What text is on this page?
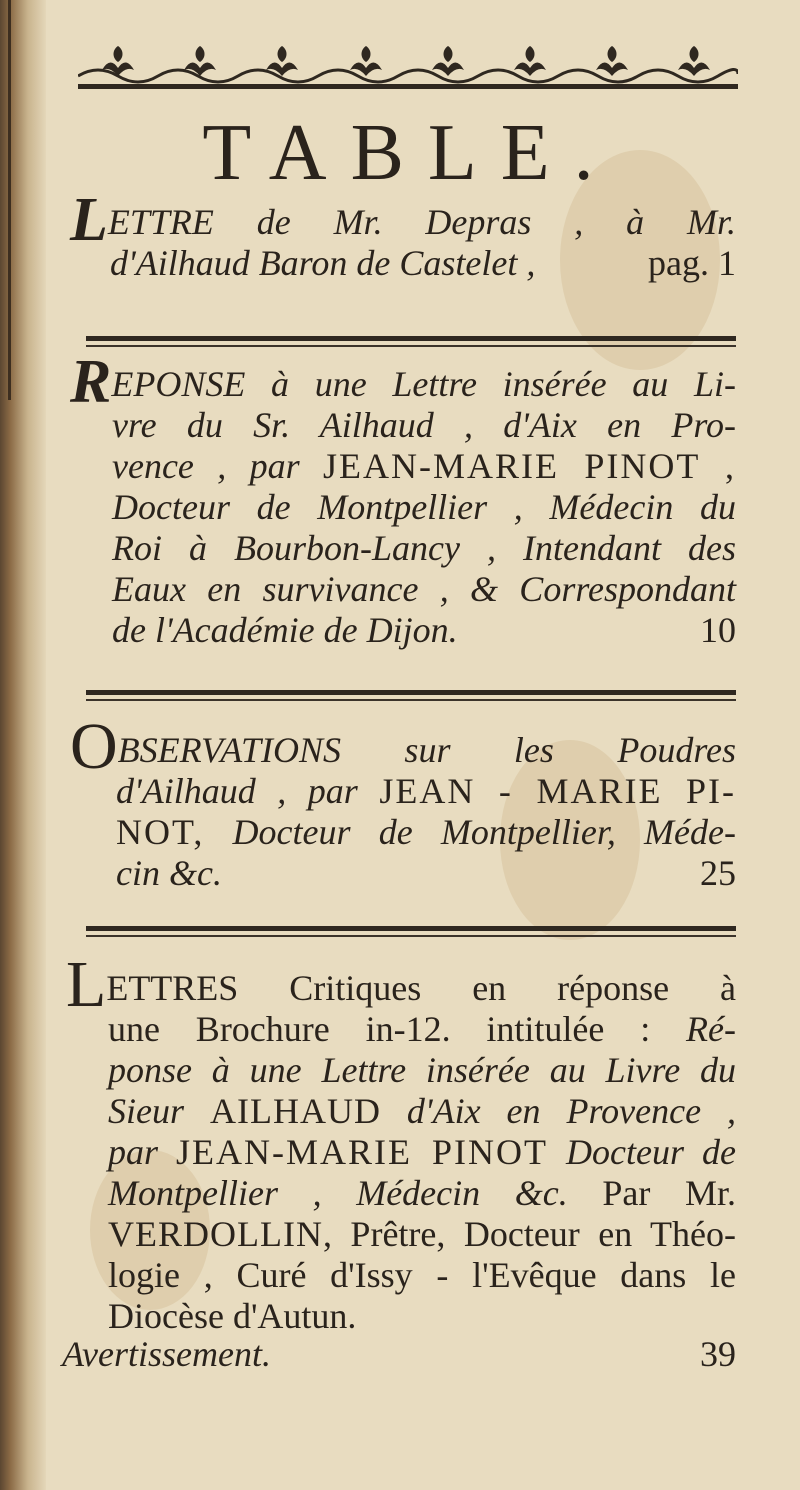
TABLE.
LETTRE de Mr. Depras , à Mr.
d'Ailhaud Baron de Castelet ,	pag. 1
REPONSE à une Lettre insérée au Li-
vre du Sr. Ailhaud , d'Aix en Pro-
vence , par JEAN-MARIE PINOT ,
Docteur de Montpellier , Médecin du
Roi à Bourbon-Lancy , Intendant des
Eaux en survivance , & Correspondant
de l'Académie de Dijon.	10
OBSERVATIONS sur les Poudres
d'Ailhaud , par JEAN - MARIE PI-
NOT, Docteur de Montpellier, Méde-
cin &c.	25
LETTRES Critiques en réponse à
une Brochure in-12. intitulée : Ré-
ponse à une Lettre insérée au Livre du
Sieur AILHAUD d'Aix en Provence ,
par JEAN-MARIE PINOT Docteur de
Montpellier , Médecin &c. Par Mr.
VERDOLLIN, Prêtre, Docteur en Théo-
logie , Curé d'Issy - l'Evêque dans le
Diocèse d'Autun.
Avertissement.	39
